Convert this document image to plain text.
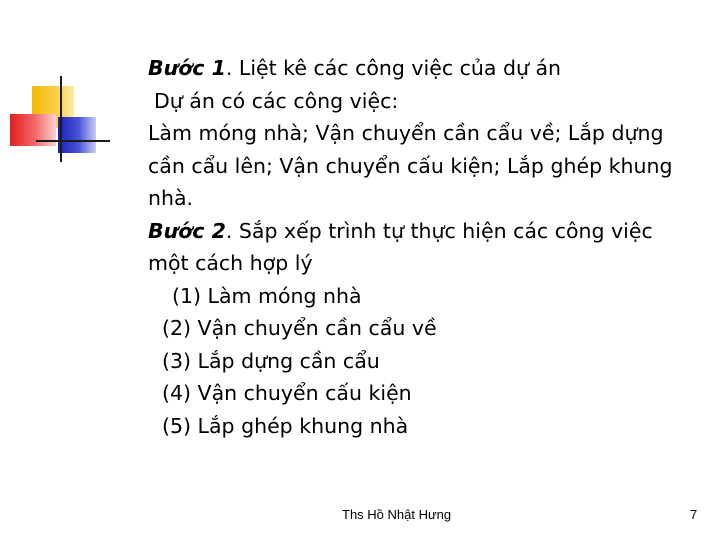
Bước 1. Liệt kê các công việc của dự án

Dự án có các công việc:

Làm móng nhà; Vận chuyển cần cẩu về; Lắp dựng

cần cẩu lên; Vận chuyển cấu kiện; Lắp ghép khung

nhà.

Bước 2. Sắp xếp trình tự thực hiện các công việc

một cách hợp lý

(1) Làm móng nhà

(2) Vận chuyển cần cẩu về

(3) Lắp dựng cần cẩu

(4) Vận chuyển cấu kiện

(5) Lắp ghép khung nhà

Ths Hồ Nhật Hưng	7
